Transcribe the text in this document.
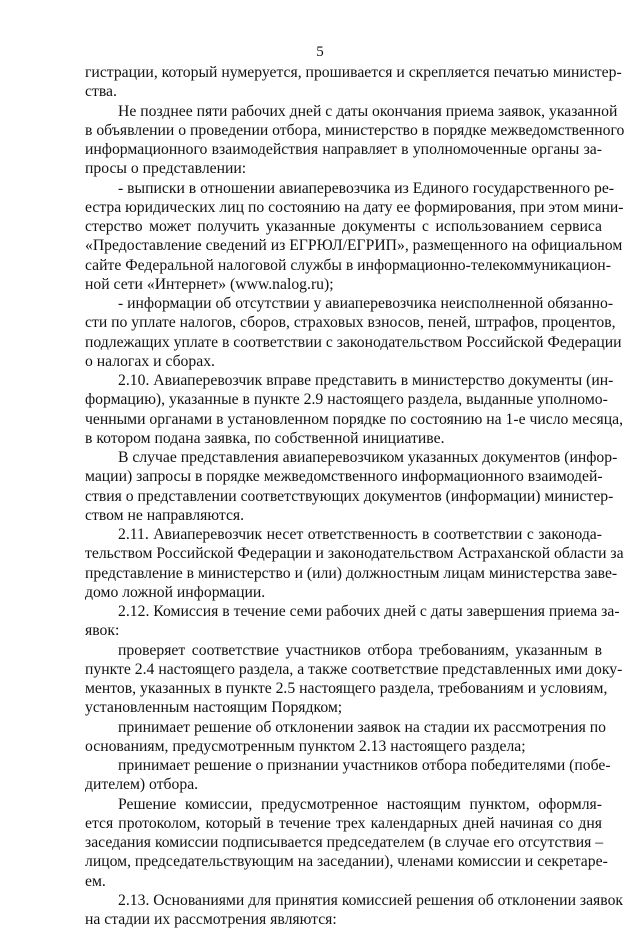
5
гистрации, который нумеруется, прошивается и скрепляется печатью министер-
ства.
Не позднее пяти рабочих дней с даты окончания приема заявок, указанной
в объявлении о проведении отбора, министерство в порядке межведомственного
информационного взаимодействия направляет в уполномоченные органы за-
просы о представлении:
- выписки в отношении авиаперевозчика из Единого государственного ре-
естра юридических лиц по состоянию на дату ее формирования, при этом мини-
стерство может получить указанные документы с использованием сервиса
«Предоставление сведений из ЕГРЮЛ/ЕГРИП», размещенного на официальном
сайте Федеральной налоговой службы в информационно-телекоммуникацион-
ной сети «Интернет» (www.nalog.ru);
- информации об отсутствии у авиаперевозчика неисполненной обязанно-
сти по уплате налогов, сборов, страховых взносов, пеней, штрафов, процентов,
подлежащих уплате в соответствии с законодательством Российской Федерации
о налогах и сборах.
2.10. Авиаперевозчик вправе представить в министерство документы (ин-
формацию), указанные в пункте 2.9 настоящего раздела, выданные уполномо-
ченными органами в установленном порядке по состоянию на 1-е число месяца,
в котором подана заявка, по собственной инициативе.
В случае представления авиаперевозчиком указанных документов (инфор-
мации) запросы в порядке межведомственного информационного взаимодей-
ствия о представлении соответствующих документов (информации) министер-
ством не направляются.
2.11. Авиаперевозчик несет ответственность в соответствии с законода-
тельством Российской Федерации и законодательством Астраханской области за
представление в министерство и (или) должностным лицам министерства заве-
домо ложной информации.
2.12. Комиссия в течение семи рабочих дней с даты завершения приема за-
явок:
проверяет соответствие участников отбора требованиям, указанным в
пункте 2.4 настоящего раздела, а также соответствие представленных ими доку-
ментов, указанных в пункте 2.5 настоящего раздела, требованиям и условиям,
установленным настоящим Порядком;
принимает решение об отклонении заявок на стадии их рассмотрения по
основаниям, предусмотренным пунктом 2.13 настоящего раздела;
принимает решение о признании участников отбора победителями (побе-
дителем) отбора.
Решение комиссии, предусмотренное настоящим пунктом, оформля-
ется протоколом, который в течение трех календарных дней начиная со дня
заседания комиссии подписывается председателем (в случае его отсутствия –
лицом, председательствующим на заседании), членами комиссии и секретаре-
ем.
2.13. Основаниями для принятия комиссией решения об отклонении заявок
на стадии их рассмотрения являются:
